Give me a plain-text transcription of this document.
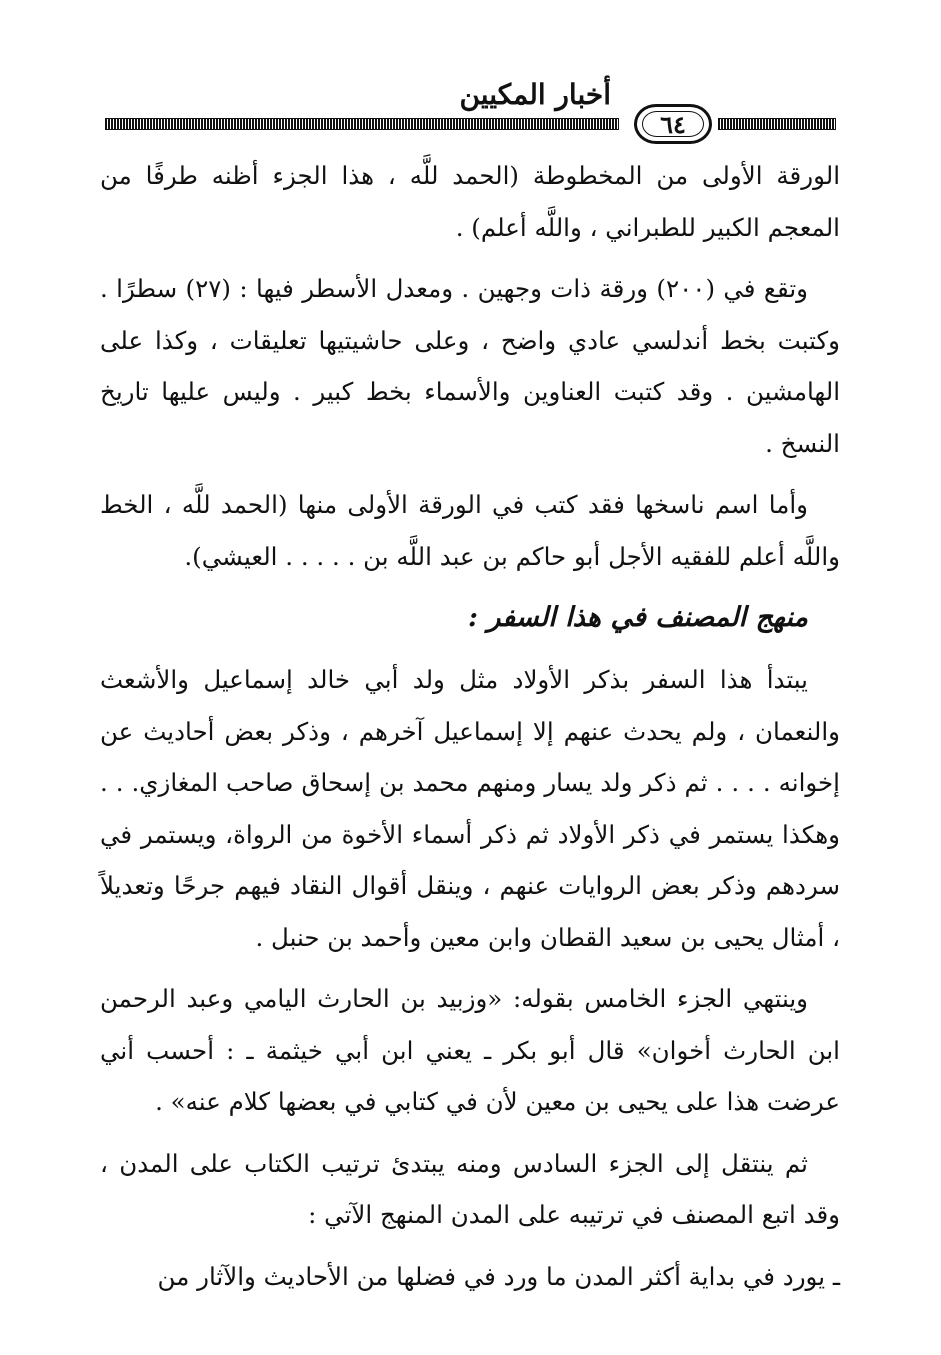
أخبار المكيين
٦٤

الورقة الأولى من المخطوطة (الحمد للَّه ، هذا الجزء أظنه طرفًا من المعجم الكبير للطبراني ، واللَّه أعلم) .

وتقع في (٢٠٠) ورقة ذات وجهين . ومعدل الأسطر فيها : (٢٧) سطرًا . وكتبت بخط أندلسي عادي واضح ، وعلى حاشيتيها تعليقات ، وكذا على الهامشين . وقد كتبت العناوين والأسماء بخط كبير . وليس عليها تاريخ النسخ .

وأما اسم ناسخها فقد كتب في الورقة الأولى منها (الحمد للَّه ، الخط واللَّه أعلم للفقيه الأجل أبو حاكم بن عبد اللَّه بن . . . . . العيشي).

منهج المصنف في هذا السفر :

يبتدأ هذا السفر بذكر الأولاد مثل ولد أبي خالد إسماعيل والأشعث والنعمان ، ولم يحدث عنهم إلا إسماعيل آخرهم ، وذكر بعض أحاديث عن إخوانه . . . . ثم ذكر ولد يسار ومنهم محمد بن إسحاق صاحب المغازي. . . وهكذا يستمر في ذكر الأولاد ثم ذكر أسماء الأخوة من الرواة، ويستمر في سردهم وذكر بعض الروايات عنهم ، وينقل أقوال النقاد فيهم جرحًا وتعديلاً ، أمثال يحيى بن سعيد القطان وابن معين وأحمد بن حنبل .

وينتهي الجزء الخامس بقوله: «وزبيد بن الحارث اليامي وعبد الرحمن ابن الحارث أخوان» قال أبو بكر ـ يعني ابن أبي خيثمة ـ : أحسب أني عرضت هذا على يحيى بن معين لأن في كتابي في بعضها كلام عنه» .

ثم ينتقل إلى الجزء السادس ومنه يبتدئ ترتيب الكتاب على المدن ، وقد اتبع المصنف في ترتيبه على المدن المنهج الآتي :

ـ يورد في بداية أكثر المدن ما ورد في فضلها من الأحاديث والآثار من
